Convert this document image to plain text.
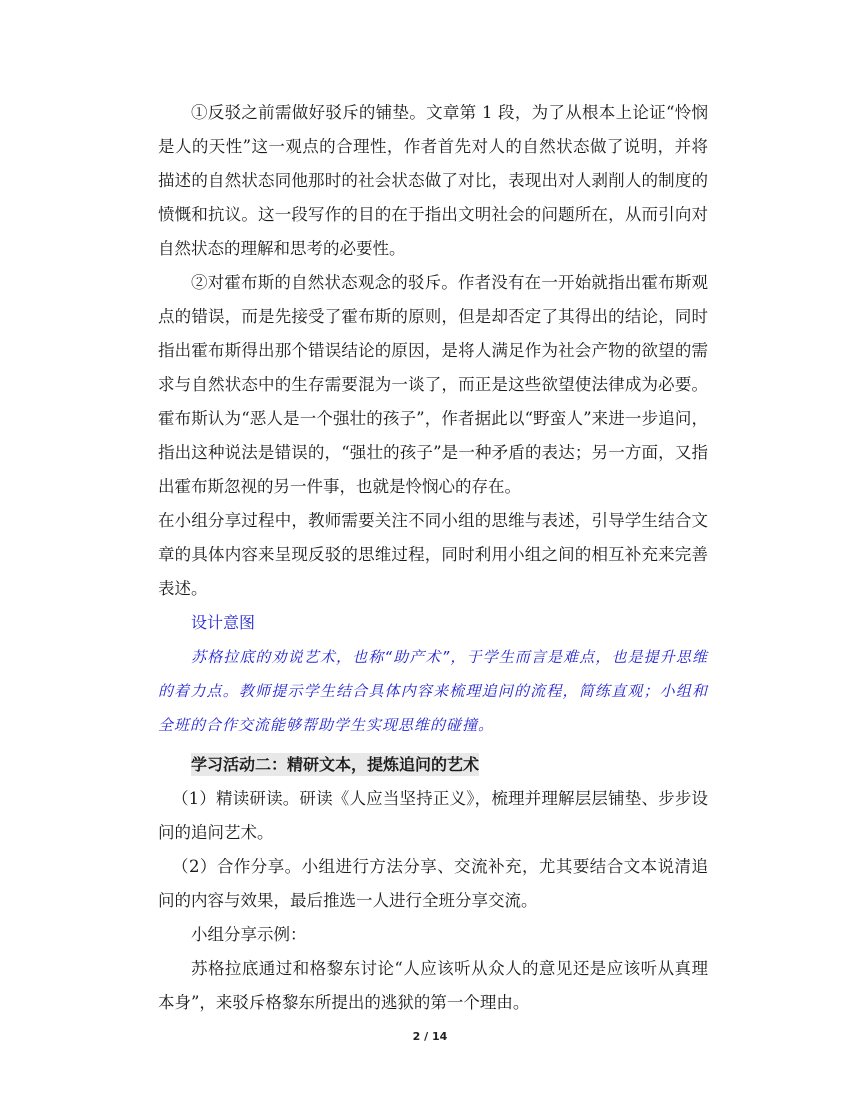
①反驳之前需做好驳斥的铺垫。文章第 1 段，为了从根本上论证“怜悯是人的天性”这一观点的合理性，作者首先对人的自然状态做了说明，并将描述的自然状态同他那时的社会状态做了对比，表现出对人剥削人的制度的愤慨和抗议。这一段写作的目的在于指出文明社会的问题所在，从而引向对自然状态的理解和思考的必要性。

②对霍布斯的自然状态观念的驳斥。作者没有在一开始就指出霍布斯观点的错误，而是先接受了霍布斯的原则，但是却否定了其得出的结论，同时指出霍布斯得出那个错误结论的原因，是将人满足作为社会产物的欲望的需求与自然状态中的生存需要混为一谈了，而正是这些欲望使法律成为必要。霍布斯认为“恶人是一个强壮的孩子”，作者据此以“野蛮人”来进一步追问，指出这种说法是错误的，“强壮的孩子”是一种矛盾的表达；另一方面，又指出霍布斯忽视的另一件事，也就是怜悯心的存在。

在小组分享过程中，教师需要关注不同小组的思维与表述，引导学生结合文章的具体内容来呈现反驳的思维过程，同时利用小组之间的相互补充来完善表述。

设计意图

苏格拉底的劝说艺术，也称“助产术”，于学生而言是难点，也是提升思维的着力点。教师提示学生结合具体内容来梳理追问的流程，简练直观；小组和全班的合作交流能够帮助学生实现思维的碰撞。

学习活动二：精研文本，提炼追问的艺术

（1）精读研读。研读《人应当坚持正义》，梳理并理解层层铺垫、步步设问的追问艺术。

（2）合作分享。小组进行方法分享、交流补充，尤其要结合文本说清追问的内容与效果，最后推选一人进行全班分享交流。

小组分享示例：

苏格拉底通过和格黎东讨论“人应该听从众人的意见还是应该听从真理本身”，来驳斥格黎东所提出的逃狱的第一个理由。

2 / 14
